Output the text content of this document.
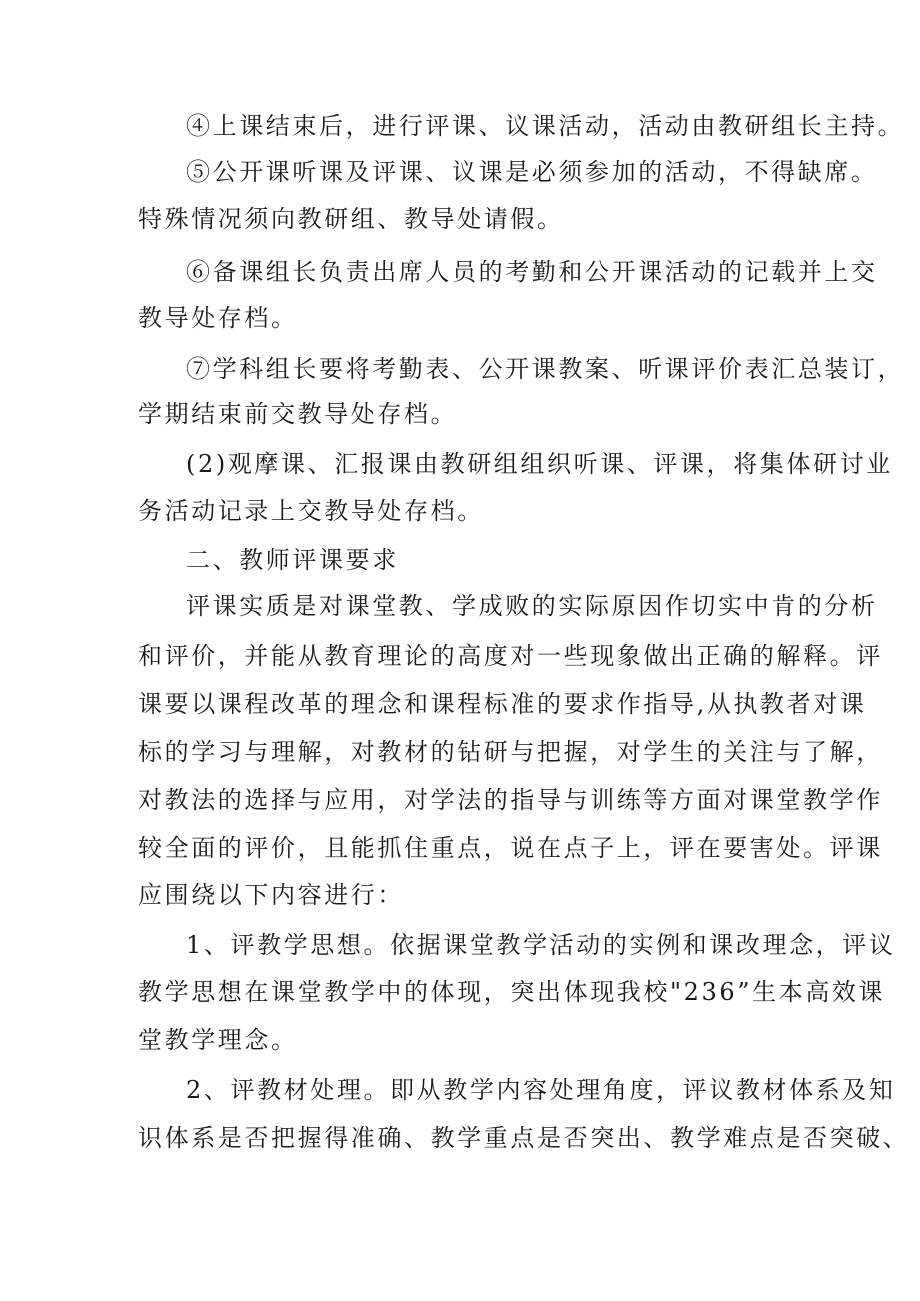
④上课结束后，进行评课、议课活动，活动由教研组长主持。
⑤公开课听课及评课、议课是必须参加的活动，不得缺席。
特殊情况须向教研组、教导处请假。
⑥备课组长负责出席人员的考勤和公开课活动的记载并上交
教导处存档。
⑦学科组长要将考勤表、公开课教案、听课评价表汇总装订，
学期结束前交教导处存档。
(2)观摩课、汇报课由教研组组织听课、评课，将集体研讨业
务活动记录上交教导处存档。
二、教师评课要求
评课实质是对课堂教、学成败的实际原因作切实中肯的分析
和评价，并能从教育理论的高度对一些现象做出正确的解释。评
课要以课程改革的理念和课程标准的要求作指导,从执教者对课
标的学习与理解，对教材的钻研与把握，对学生的关注与了解，
对教法的选择与应用，对学法的指导与训练等方面对课堂教学作
较全面的评价，且能抓住重点，说在点子上，评在要害处。评课
应围绕以下内容进行：
1、评教学思想。依据课堂教学活动的实例和课改理念，评议
教学思想在课堂教学中的体现，突出体现我校"236”生本高效课
堂教学理念。
2、评教材处理。即从教学内容处理角度，评议教材体系及知
识体系是否把握得准确、教学重点是否突出、教学难点是否突破、
